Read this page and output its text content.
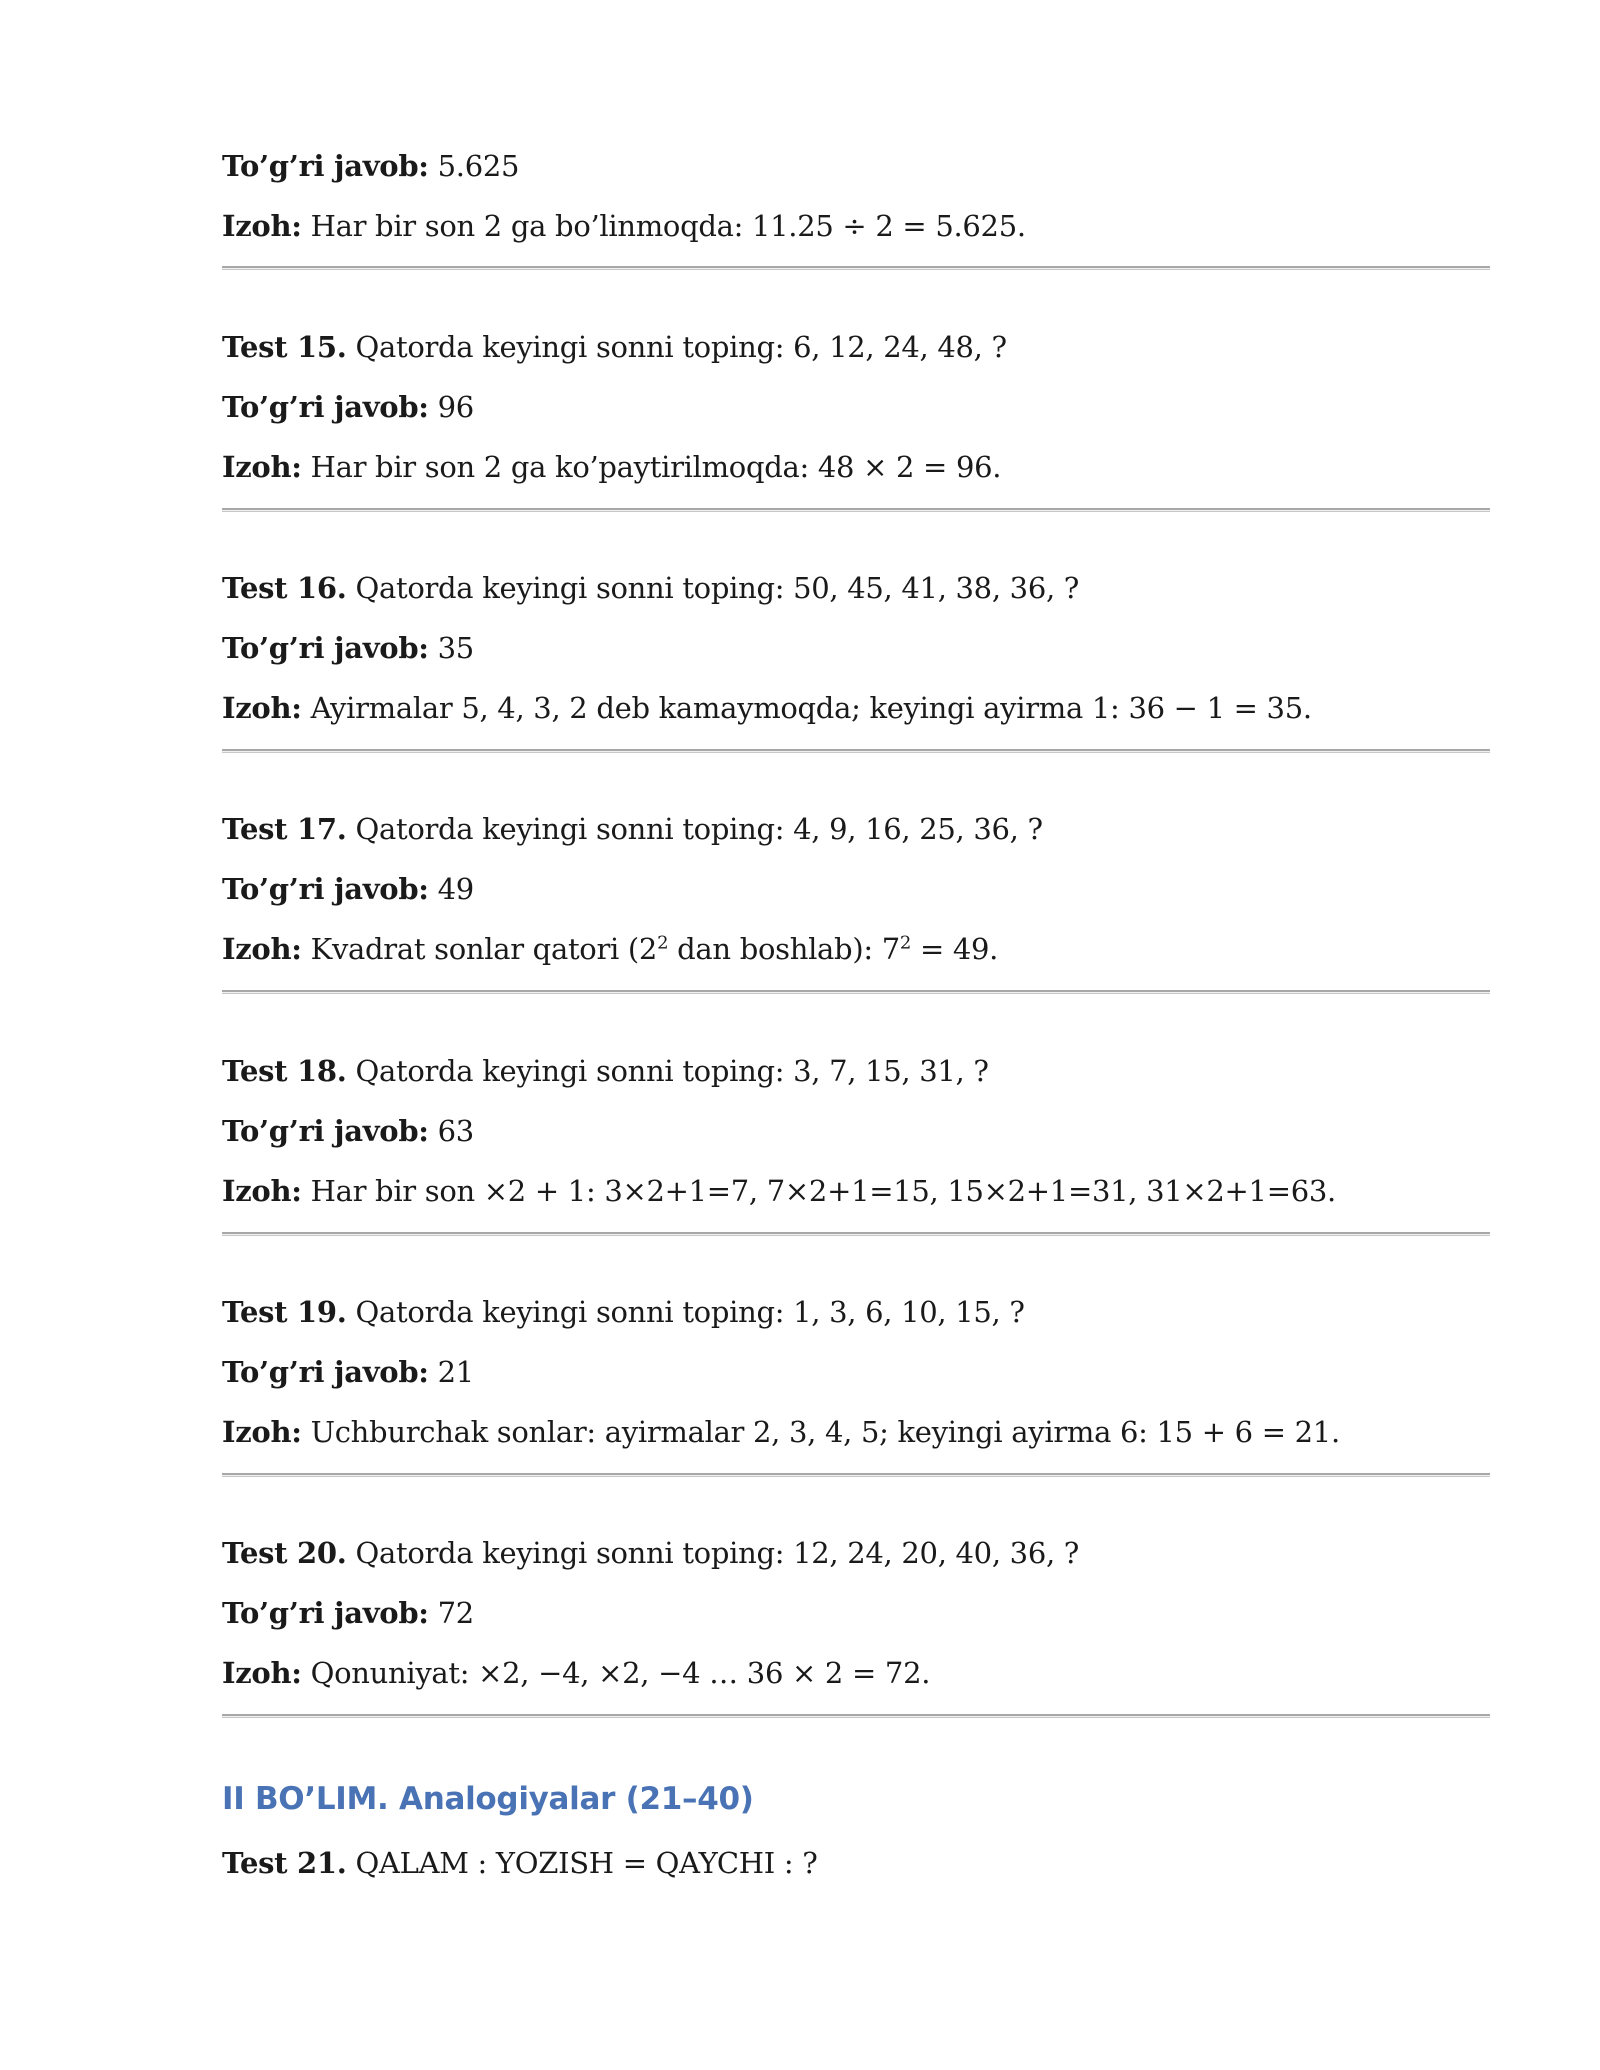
To’g’ri javob: 5.625
Izoh: Har bir son 2 ga bo’linmoqda: 11.25 ÷ 2 = 5.625.
Test 15. Qatorda keyingi sonni toping: 6, 12, 24, 48, ?
To’g’ri javob: 96
Izoh: Har bir son 2 ga ko’paytirilmoqda: 48 × 2 = 96.
Test 16. Qatorda keyingi sonni toping: 50, 45, 41, 38, 36, ?
To’g’ri javob: 35
Izoh: Ayirmalar 5, 4, 3, 2 deb kamaymoqda; keyingi ayirma 1: 36 − 1 = 35.
Test 17. Qatorda keyingi sonni toping: 4, 9, 16, 25, 36, ?
To’g’ri javob: 49
Izoh: Kvadrat sonlar qatori ($2^2$ dan boshlab): $7^2 = 49$.
Test 18. Qatorda keyingi sonni toping: 3, 7, 15, 31, ?
To’g’ri javob: 63
Izoh: Har bir son ×2 + 1: 3×2+1=7, 7×2+1=15, 15×2+1=31, 31×2+1=63.
Test 19. Qatorda keyingi sonni toping: 1, 3, 6, 10, 15, ?
To’g’ri javob: 21
Izoh: Uchburchak sonlar: ayirmalar 2, 3, 4, 5; keyingi ayirma 6: 15 + 6 = 21.
Test 20. Qatorda keyingi sonni toping: 12, 24, 20, 40, 36, ?
To’g’ri javob: 72
Izoh: Qonuniyat: ×2, −4, ×2, −4 … 36 × 2 = 72.
II BO’LIM. Analogiyalar (21–40)
Test 21. QALAM : YOZISH = QAYCHI : ?
